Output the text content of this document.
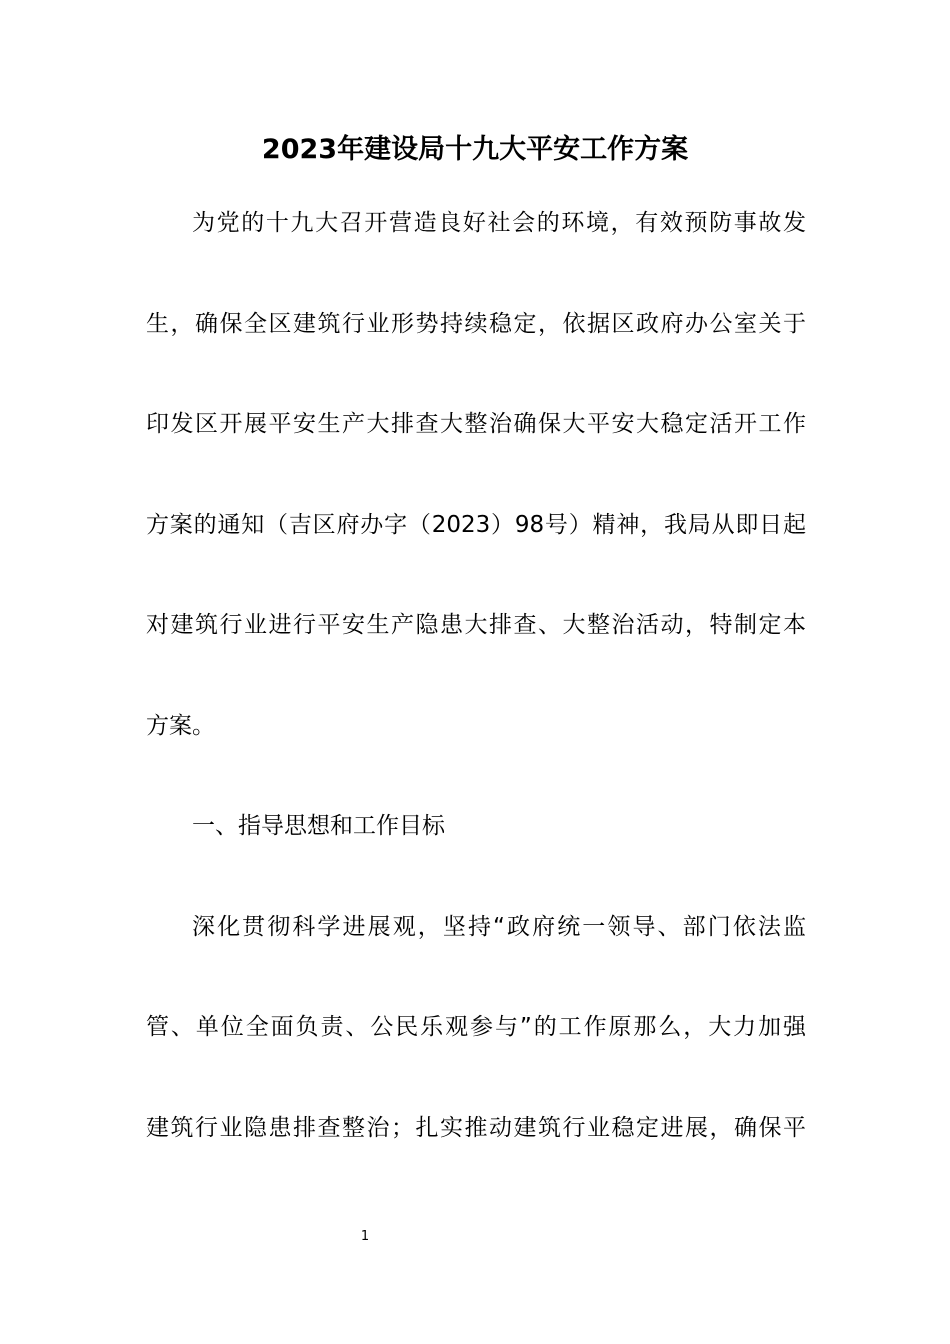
2023年建设局十九大平安工作方案
为党的十九大召开营造良好社会的环境，有效预防事故发
生，确保全区建筑行业形势持续稳定，依据区政府办公室关于
印发区开展平安生产大排查大整治确保大平安大稳定活开工作
方案的通知（吉区府办字（2023）98号）精神，我局从即日起
对建筑行业进行平安生产隐患大排查、大整治活动，特制定本
方案。
一、指导思想和工作目标
深化贯彻科学进展观，坚持“政府统一领导、部门依法监
管、单位全面负责、公民乐观参与”的工作原那么，大力加强
建筑行业隐患排查整治；扎实推动建筑行业稳定进展，确保平
1
